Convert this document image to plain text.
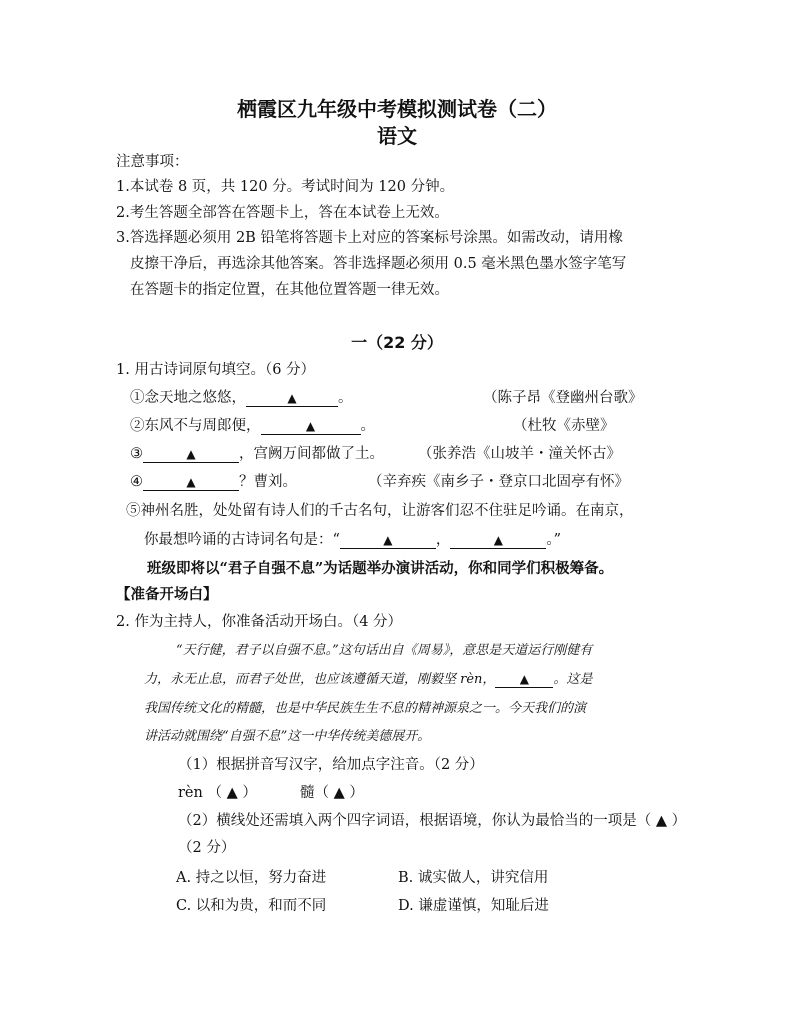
栖霞区九年级中考模拟测试卷（二）
语文
注意事项：
1.本试卷 8 页，共 120 分。考试时间为 120 分钟。
2.考生答题全部答在答题卡上，答在本试卷上无效。
3.答选择题必须用 2B 铅笔将答题卡上对应的答案标号涂黑。如需改动，请用橡
皮擦干净后，再选涂其他答案。答非选择题必须用 0.5 毫米黑色墨水签字笔写
在答题卡的指定位置，在其他位置答题一律无效。
一（22 分）
1. 用古诗词原句填空。（6 分）
①念天地之悠悠，	▲	。	（陈子昂《登幽州台歌》
②东风不与周郎便，	▲	。	（杜牧《赤壁》
③	▲	，宫阙万间都做了土。 （张养浩《山坡羊・潼关怀古》
④	▲	？曹刘。	（辛弃疾《南乡子・登京口北固亭有怀》
⑤神州名胜，处处留有诗人们的千古名句，让游客们忍不住驻足吟诵。在南京，
你最想吟诵的古诗词名句是：“	▲	，	▲	。”
班级即将以“君子自强不息”为话题举办演讲活动，你和同学们积极筹备。
【准备开场白】
2. 作为主持人，你准备活动开场白。（4 分）
“天行健，君子以自强不息。”这句话出自《周易》，意思是天道运行刚健有
力，永无止息，而君子处世，也应该遵循天道，刚毅坚 rèn， ▲ 。这是
我国传统文化的精髓，也是中华民族生生不息的精神源泉之一。今天我们的演
讲活动就围绕“自强不息”这一中华传统美德展开。
（1）根据拼音写汉字，给加点字注音。（2 分）
rèn （ ▲ ）	髓（ ▲ ）
（2）横线处还需填入两个四字词语，根据语境，你认为最恰当的一项是（ ▲ ）
（2 分）
A. 持之以恒，努力奋进	B. 诚实做人，讲究信用
C. 以和为贵，和而不同	D. 谦虚谨慎，知耻后进
